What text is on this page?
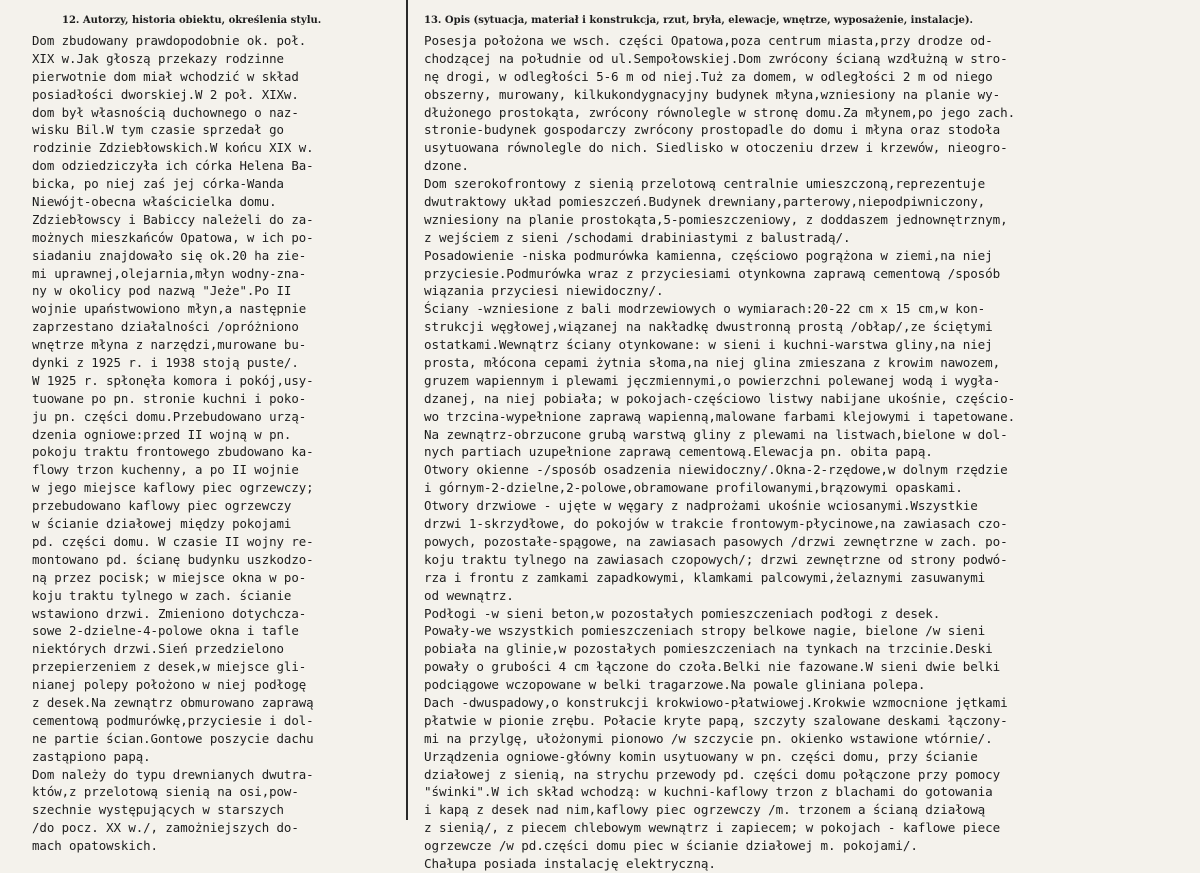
12. Autorzy, historia obiektu, określenia stylu.
Dom zbudowany prawdopodobnie ok. poł.
XIX w.Jak głoszą przekazy rodzinne
pierwotnie dom miał wchodzić w skład
posiadłości dworskiej.W 2 poł. XIXw.
dom był własnością duchownego o naz-
wisku Bil.W tym czasie sprzedał go
rodzinie Zdziebłowskich.W końcu XIX w.
dom odziedziczyła ich córka Helena Ba-
bicka, po niej zaś jej córka-Wanda
Niewójt-obecna właścicielka domu.
Zdziebłowscy i Babiccy należeli do za-
możnych mieszkańców Opatowa, w ich po-
siadaniu znajdowało się ok.20 ha zie-
mi uprawnej,olejarnia,młyn wodny-zna-
ny w okolicy pod nazwą "Jeże".Po II
wojnie upaństwowiono młyn,a następnie
zaprzestano działalności /opróżniono
wnętrze młyna z narzędzi,murowane bu-
dynki z 1925 r. i 1938 stoją puste/.
W 1925 r. spłonęła komora i pokój,usy-
tuowane po pn. stronie kuchni i poko-
ju pn. części domu.Przebudowano urzą-
dzenia ogniowe:przed II wojną w pn.
pokoju traktu frontowego zbudowano ka-
flowy trzon kuchenny, a po II wojnie
w jego miejsce kaflowy piec ogrzewczy;
przebudowano kaflowy piec ogrzewczy
w ścianie działowej między pokojami
pd. części domu. W czasie II wojny re-
montowano pd. ścianę budynku uszkodzo-
ną przez pocisk; w miejsce okna w po-
koju traktu tylnego w zach. ścianie
wstawiono drzwi. Zmieniono dotychcza-
sowe 2-dzielne-4-polowe okna i tafle
niektórych drzwi.Sień przedzielono
przepierzeniem z desek,w miejsce gli-
nianej polepy położono w niej podłogę
z desek.Na zewnątrz obmurowano zaprawą
cementową podmurówkę,przyciesie i dol-
ne partie ścian.Gontowe poszycie dachu
zastąpiono papą.
Dom należy do typu drewnianych dwutra-
któw,z przelotową sienią na osi,pow-
szechnie występujących w starszych
/do pocz. XX w./, zamożniejszych do-
mach opatowskich.
13. Opis (sytuacja, materiał i konstrukcja, rzut, bryła, elewacje, wnętrze, wyposażenie, instalacje).
Posesja położona we wsch. części Opatowa,poza centrum miasta,przy drodze od-
chodzącej na południe od ul.Sempołowskiej.Dom zwrócony ścianą wzdłużną w stro-
nę drogi, w odległości 5-6 m od niej.Tuż za domem, w odległości 2 m od niego
obszerny, murowany, kilkukondygnacyjny budynek młyna,wzniesiony na planie wy-
dłużonego prostokąta, zwrócony równolegle w stronę domu.Za młynem,po jego zach.
stronie-budynek gospodarczy zwrócony prostopadle do domu i młyna oraz stodoła
usytuowana równolegle do nich. Siedlisko w otoczeniu drzew i krzewów, nieogro-
dzone.
Dom szerokofrontowy z sienią przelotową centralnie umieszczoną,reprezentuje
dwutraktowy układ pomieszczeń.Budynek drewniany,parterowy,niepodpiwniczony,
wzniesiony na planie prostokąta,5-pomieszczeniowy, z doddaszem jednownętrznym,
z wejściem z sieni /schodami drabiniastymi z balustradą/.
Posadowienie -niska podmurówka kamienna, częściowo pogrążona w ziemi,na niej
przyciesie.Podmurówka wraz z przyciesiami otynkowna zaprawą cementową /sposób
wiązania przyciesi niewidoczny/.
Ściany -wzniesione z bali modrzewiowych o wymiarach:20-22 cm x 15 cm,w kon-
strukcji węgłowej,wiązanej na nakładkę dwustronną prostą /obłap/,ze ściętymi
ostatkami.Wewnątrz ściany otynkowane: w sieni i kuchni-warstwa gliny,na niej
prosta, młócona cepami żytnia słoma,na niej glina zmieszana z krowim nawozem,
gruzem wapiennym i plewami jęczmiennymi,o powierzchni polewanej wodą i wygła-
dzanej, na niej pobiała; w pokojach-częściowo listwy nabijane ukośnie, częścio-
wo trzcina-wypełnione zaprawą wapienną,malowane farbami klejowymi i tapetowane.
Na zewnątrz-obrzucone grubą warstwą gliny z plewami na listwach,bielone w dol-
nych partiach uzupełnione zaprawą cementową.Elewacja pn. obita papą.
Otwory okienne -/sposób osadzenia niewidoczny/.Okna-2-rzędowe,w dolnym rzędzie
i górnym-2-dzielne,2-polowe,obramowane profilowanymi,brązowymi opaskami.
Otwory drzwiowe - ujęte w węgary z nadprożami ukośnie wciosanymi.Wszystkie
drzwi 1-skrzydłowe, do pokojów w trakcie frontowym-płycinowe,na zawiasach czo-
powych, pozostałe-spągowe, na zawiasach pasowych /drzwi zewnętrzne w zach. po-
koju traktu tylnego na zawiasach czopowych/; drzwi zewnętrzne od strony podwó-
rza i frontu z zamkami zapadkowymi, klamkami palcowymi,żelaznymi zasuwanymi
od wewnątrz.
Podłogi -w sieni beton,w pozostałych pomieszczeniach podłogi z desek.
Powały-we wszystkich pomieszczeniach stropy belkowe nagie, bielone /w sieni
pobiała na glinie,w pozostałych pomieszczeniach na tynkach na trzcinie.Deski
powały o grubości 4 cm łączone do czoła.Belki nie fazowane.W sieni dwie belki
podciągowe wczopowane w belki tragarzowe.Na powale gliniana polepa.
Dach -dwuspadowy,o konstrukcji krokwiowo-płatwiowej.Krokwie wzmocnione jętkami
płatwie w pionie zrębu. Połacie kryte papą, szczyty szalowane deskami łączony-
mi na przylgę, ułożonymi pionowo /w szczycie pn. okienko wstawione wtórnie/.
Urządzenia ogniowe-główny komin usytuowany w pn. części domu, przy ścianie
działowej z sienią, na strychu przewody pd. części domu połączone przy pomocy
"świnki".W ich skład wchodzą: w kuchni-kaflowy trzon z blachami do gotowania
i kapą z desek nad nim,kaflowy piec ogrzewczy /m. trzonem a ścianą działową
z sienią/, z piecem chlebowym wewnątrz i zapiecem; w pokojach - kaflowe piece
ogrzewcze /w pd.części domu piec w ścianie działowej m. pokojami/.
Chałupa posiada instalację elektryczną.
